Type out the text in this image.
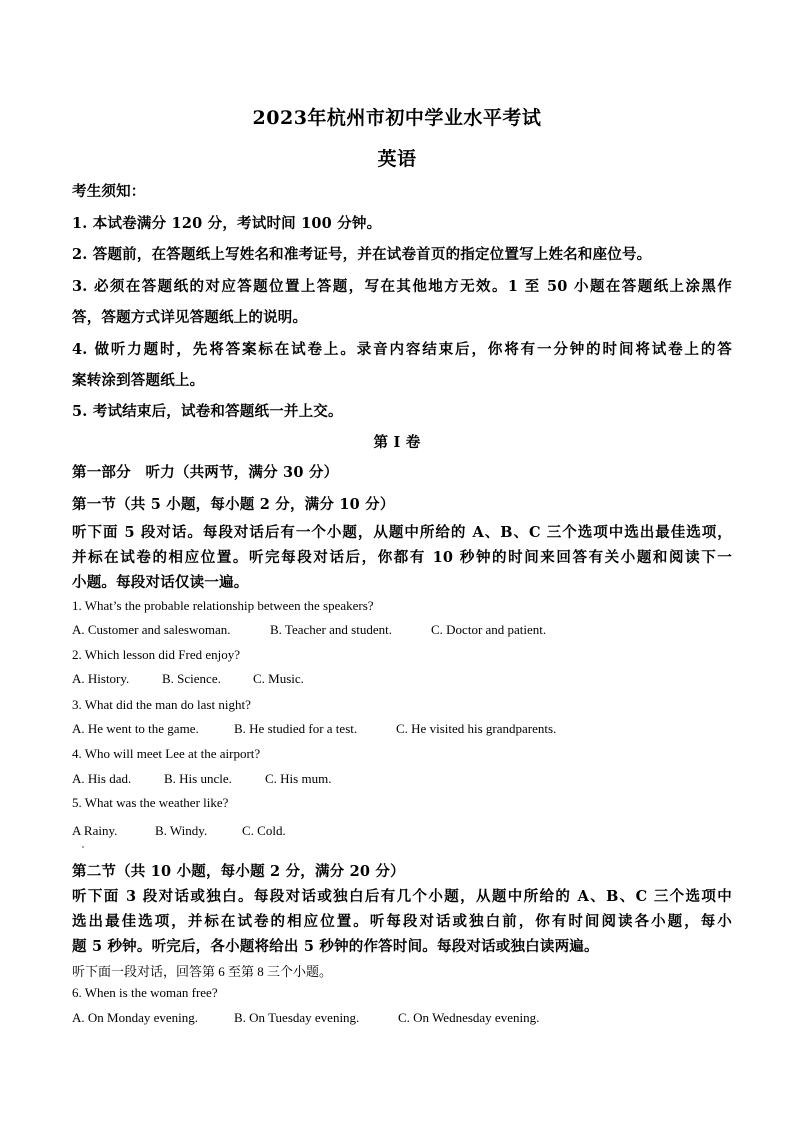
2023年杭州市初中学业水平考试
英语
考生须知：
1. 本试卷满分 120 分，考试时间 100 分钟。
2. 答题前，在答题纸上写姓名和准考证号，并在试卷首页的指定位置写上姓名和座位号。
3. 必须在答题纸的对应答题位置上答题，写在其他地方无效。1 至 50 小题在答题纸上涂黑作
答，答题方式详见答题纸上的说明。
4. 做听力题时，先将答案标在试卷上。录音内容结束后，你将有一分钟的时间将试卷上的答
案转涂到答题纸上。
5. 考试结束后，试卷和答题纸一并上交。
第 I 卷
第一部分　听力（共两节，满分 30 分）
第一节（共 5 小题，每小题 2 分，满分 10 分）
听下面 5 段对话。每段对话后有一个小题，从题中所给的 A、B、C 三个选项中选出最佳选项，
并标在试卷的相应位置。听完每段对话后，你都有 10 秒钟的时间来回答有关小题和阅读下一
小题。每段对话仅读一遍。
1. What’s the probable relationship between the speakers?
A. Customer and saleswoman.	B. Teacher and student.	C. Doctor and patient.
2. Which lesson did Fred enjoy?
A. History.	B. Science. C. Music.
3. What did the man do last night?
A. He went to the game.	B. He studied for a test.	C. He visited his grandparents.
4. Who will meet Lee at the airport?
A. His dad.	B. His uncle.	C. His mum.
5. What was the weather like?
A Rainy.	B. Windy.	C. Cold.
第二节（共 10 小题，每小题 2 分，满分 20 分）
听下面 3 段对话或独白。每段对话或独白后有几个小题，从题中所给的 A、B、C 三个选项中
选出最佳选项，并标在试卷的相应位置。听每段对话或独白前，你有时间阅读各小题，每小
题 5 秒钟。听完后，各小题将给出 5 秒钟的作答时间。每段对话或独白读两遍。
听下面一段对话，回答第 6 至第 8 三个小题。
6. When is the woman free?
A. On Monday evening.	B. On Tuesday evening.	C. On Wednesday evening.
